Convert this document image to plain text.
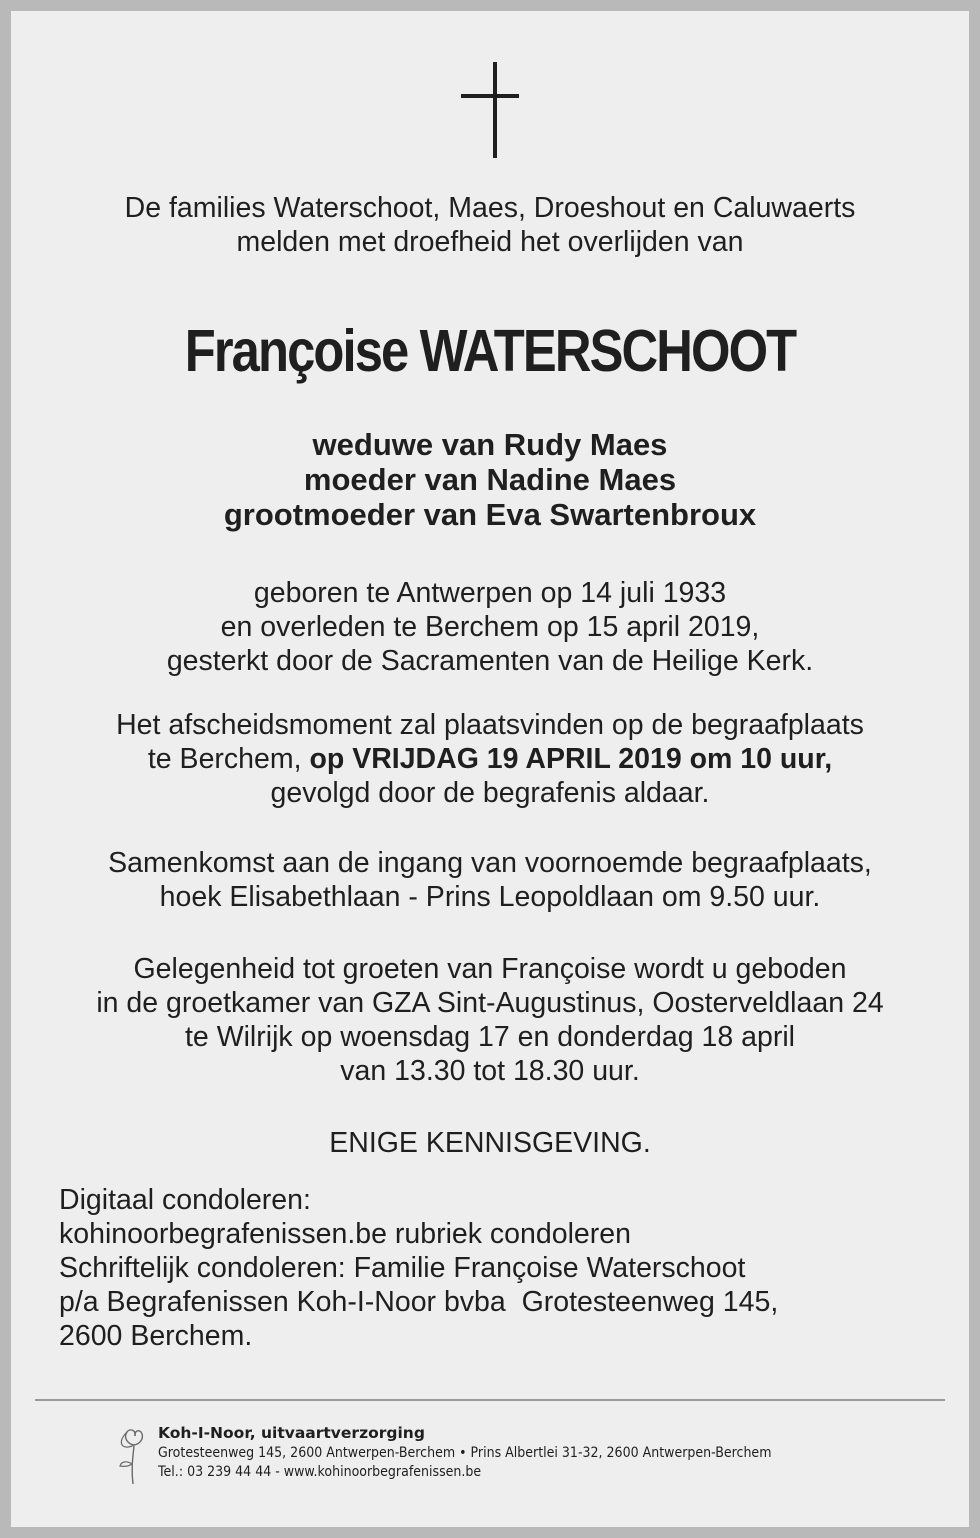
De families Waterschoot, Maes, Droeshout en Caluwaerts
melden met droefheid het overlijden van
Françoise WATERSCHOOT
weduwe van Rudy Maes
moeder van Nadine Maes
grootmoeder van Eva Swartenbroux
geboren te Antwerpen op 14 juli 1933
en overleden te Berchem op 15 april 2019,
gesterkt door de Sacramenten van de Heilige Kerk.
Het afscheidsmoment zal plaatsvinden op de begraafplaats
te Berchem, op VRIJDAG 19 APRIL 2019 om 10 uur,
gevolgd door de begrafenis aldaar.
Samenkomst aan de ingang van voornoemde begraafplaats,
hoek Elisabethlaan - Prins Leopoldlaan om 9.50 uur.
Gelegenheid tot groeten van Françoise wordt u geboden
in de groetkamer van GZA Sint-Augustinus, Oosterveldlaan 24
te Wilrijk op woensdag 17 en donderdag 18 april
van 13.30 tot 18.30 uur.
ENIGE KENNISGEVING.
Digitaal condoleren:
kohinoorbegrafenissen.be rubriek condoleren
Schriftelijk condoleren: Familie Françoise Waterschoot
p/a Begrafenissen Koh-I-Noor bvba  Grotesteenweg 145,
2600 Berchem.
Koh-I-Noor, uitvaartverzorging
Grotesteenweg 145, 2600 Antwerpen-Berchem • Prins Albertlei 31-32, 2600 Antwerpen-Berchem
Tel.: 03 239 44 44 - www.kohinoorbegrafenissen.be
